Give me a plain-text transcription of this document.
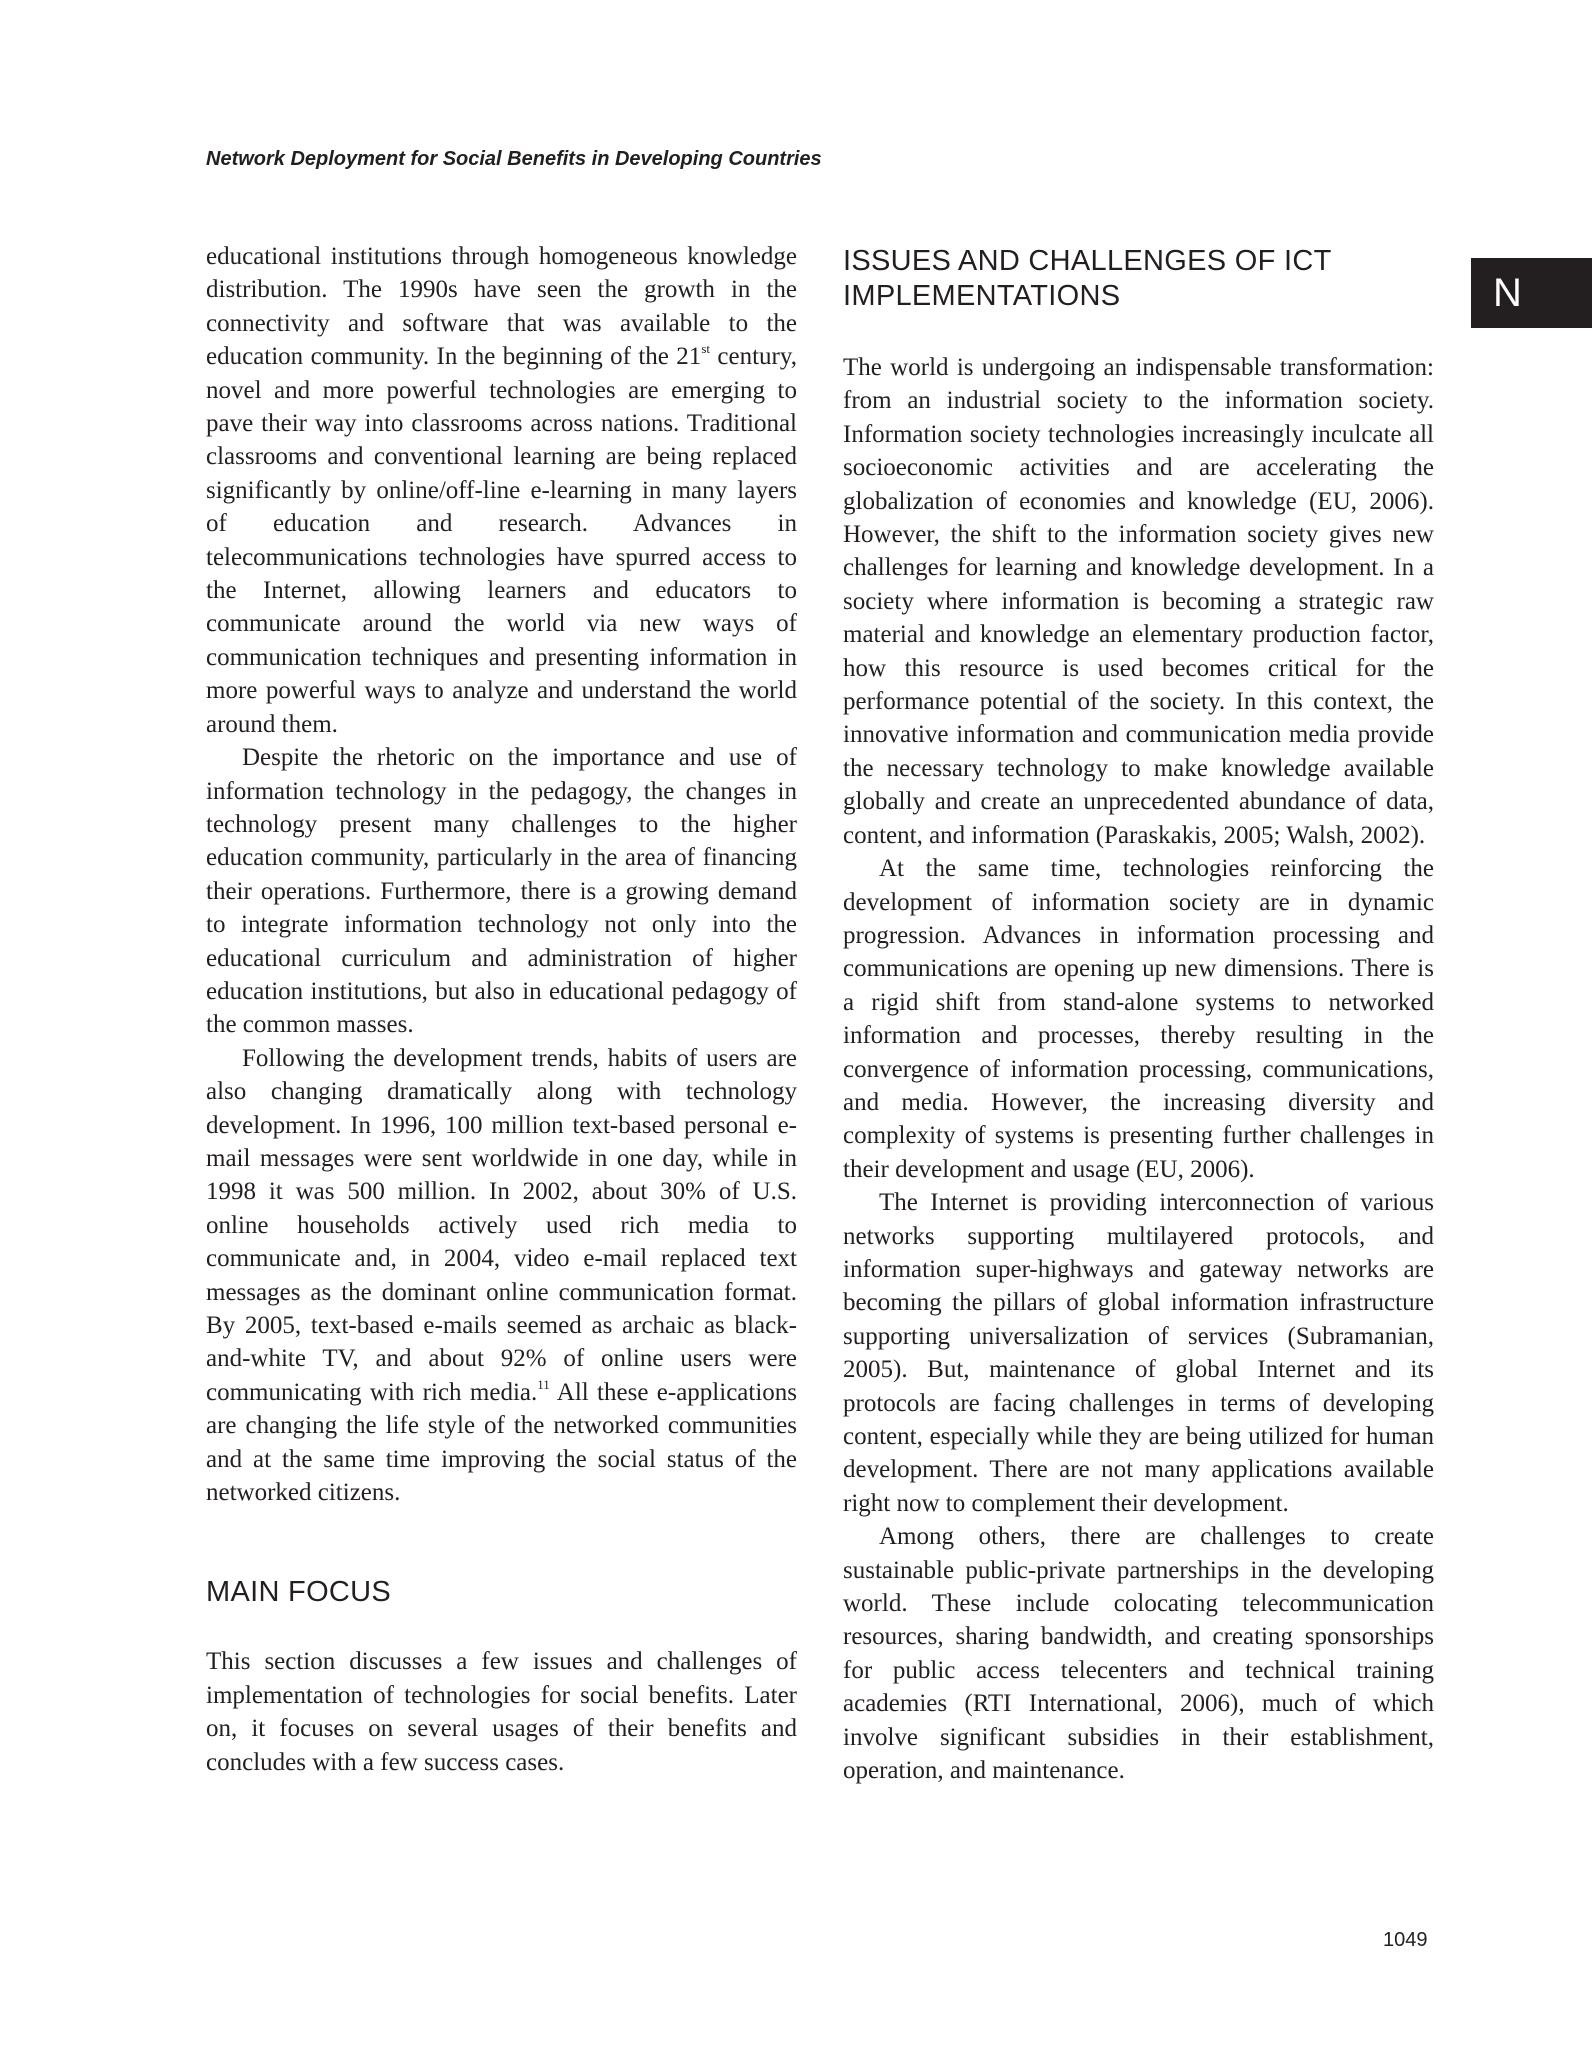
Network Deployment for Social Benefits in Developing Countries
N

educational institutions through homogeneous knowledge distribution. The 1990s have seen the growth in the connectivity and software that was available to the education community. In the beginning of the 21st century, novel and more powerful technologies are emerging to pave their way into classrooms across nations. Traditional classrooms and conventional learning are being replaced significantly by online/off-line e-learning in many layers of education and research. Advances in telecommunications technologies have spurred access to the Internet, allowing learners and educators to communicate around the world via new ways of communication techniques and presenting information in more powerful ways to analyze and understand the world around them.

Despite the rhetoric on the importance and use of information technology in the pedagogy, the changes in technology present many challenges to the higher education community, particularly in the area of financing their operations. Furthermore, there is a growing demand to integrate information technology not only into the educational curriculum and administration of higher education institutions, but also in educational pedagogy of the common masses.

Following the development trends, habits of users are also changing dramatically along with technology development. In 1996, 100 million text-based personal e-mail messages were sent worldwide in one day, while in 1998 it was 500 million. In 2002, about 30% of U.S. online households actively used rich media to communicate and, in 2004, video e-mail replaced text messages as the dominant online communication format. By 2005, text-based e-mails seemed as archaic as black-and-white TV, and about 92% of online users were communicating with rich media.$^{11}$ All these e-applications are changing the life style of the networked communities and at the same time improving the social status of the networked citizens.

MAIN FOCUS

This section discusses a few issues and challenges of implementation of technologies for social benefits. Later on, it focuses on several usages of their benefits and concludes with a few success cases.

ISSUES AND CHALLENGES OF ICT IMPLEMENTATIONS

The world is undergoing an indispensable transformation: from an industrial society to the information society. Information society technologies increasingly inculcate all socioeconomic activities and are accelerating the globalization of economies and knowledge (EU, 2006). However, the shift to the information society gives new challenges for learning and knowledge development. In a society where information is becoming a strategic raw material and knowledge an elementary production factor, how this resource is used becomes critical for the performance potential of the society. In this context, the innovative information and communication media provide the necessary technology to make knowledge available globally and create an unprecedented abundance of data, content, and information (Paraskakis, 2005; Walsh, 2002).

At the same time, technologies reinforcing the development of information society are in dynamic progression. Advances in information processing and communications are opening up new dimensions. There is a rigid shift from stand-alone systems to networked information and processes, thereby resulting in the convergence of information processing, communications, and media. However, the increasing diversity and complexity of systems is presenting further challenges in their development and usage (EU, 2006).

The Internet is providing interconnection of various networks supporting multilayered protocols, and information super-highways and gateway networks are becoming the pillars of global information infrastructure supporting universalization of services (Subramanian, 2005). But, maintenance of global Internet and its protocols are facing challenges in terms of developing content, especially while they are being utilized for human development. There are not many applications available right now to complement their development.

Among others, there are challenges to create sustainable public-private partnerships in the developing world. These include colocating telecommunication resources, sharing bandwidth, and creating sponsorships for public access telecenters and technical training academies (RTI International, 2006), much of which involve significant subsidies in their establishment, operation, and maintenance.

1049
